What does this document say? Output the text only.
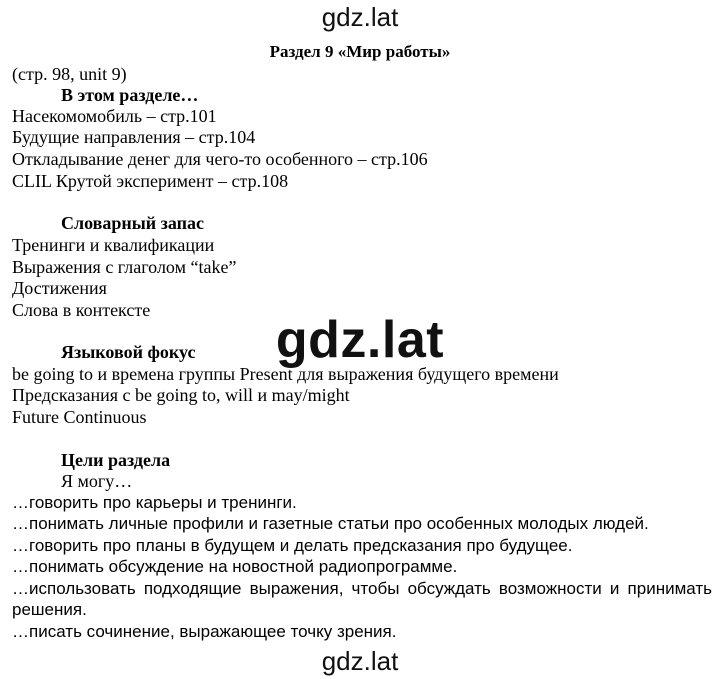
gdz.lat
Раздел 9 «Мир работы»
(стр. 98, unit 9)
В этом разделе…
Насекомомобиль – стр.101
Будущие направления – стр.104
Откладывание денег для чего-то особенного – стр.106
CLIL Крутой эксперимент – стр.108
Словарный запас
Тренинги и квалификации
Выражения с глаголом “take”
Достижения
Слова в контексте
gdz.lat
Языковой фокус
be going to и времена группы Present для выражения будущего времени
Предсказания с be going to, will и may/might
Future Continuous
Цели раздела
Я могу…
…говорить про карьеры и тренинги.
…понимать личные профили и газетные статьи про особенных молодых людей.
…говорить про планы в будущем и делать предсказания про будущее.
…понимать обсуждение на новостной радиопрограмме.
…использовать подходящие выражения, чтобы обсуждать возможности и принимать решения.
…писать сочинение, выражающее точку зрения.
gdz.lat
